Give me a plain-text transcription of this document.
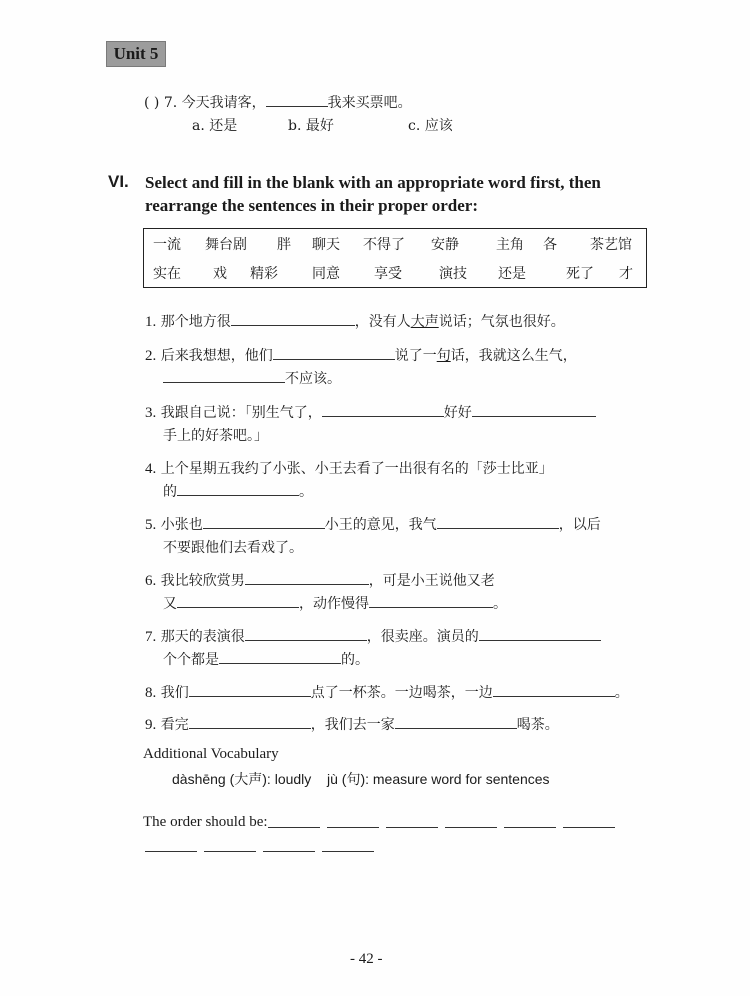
Unit 5
( ) 7. 今天我请客，	我来买票吧。
a. 还是	b. 最好	c. 应该
VI. Select and fill in the blank with an appropriate word first, then
rearrange the sentences in their proper order:
一流 舞台剧 胖 聊天 不得了 安静	主角 各 茶艺馆
实在 戏 精彩 同意 享受	演技 还是	死了 才
1. 那个地方很	，没有人大声说话；气氛也很好。
2. 后来我想想，他们	说了一句话，我就这么生气，
不应该。
3. 我跟自己说：「别生气了，	好好
手上的好茶吧。」
4. 上个星期五我约了小张、小王去看了一出很有名的「莎士比亚」
的	。
5. 小张也	小王的意见，我气	，以后
不要跟他们去看戏了。
6. 我比较欣赏男	，可是小王说他又老
又	，动作慢得	。
7. 那天的表演很	，很卖座。演员的
个个都是	的。
8. 我们	点了一杯茶。一边喝茶，一边	。
9. 看完	，我们去一家	喝茶。
Additional Vocabulary
dàshēng (大声): loudly jù (句): measure word for sentences
The order should be:
- 42 -
